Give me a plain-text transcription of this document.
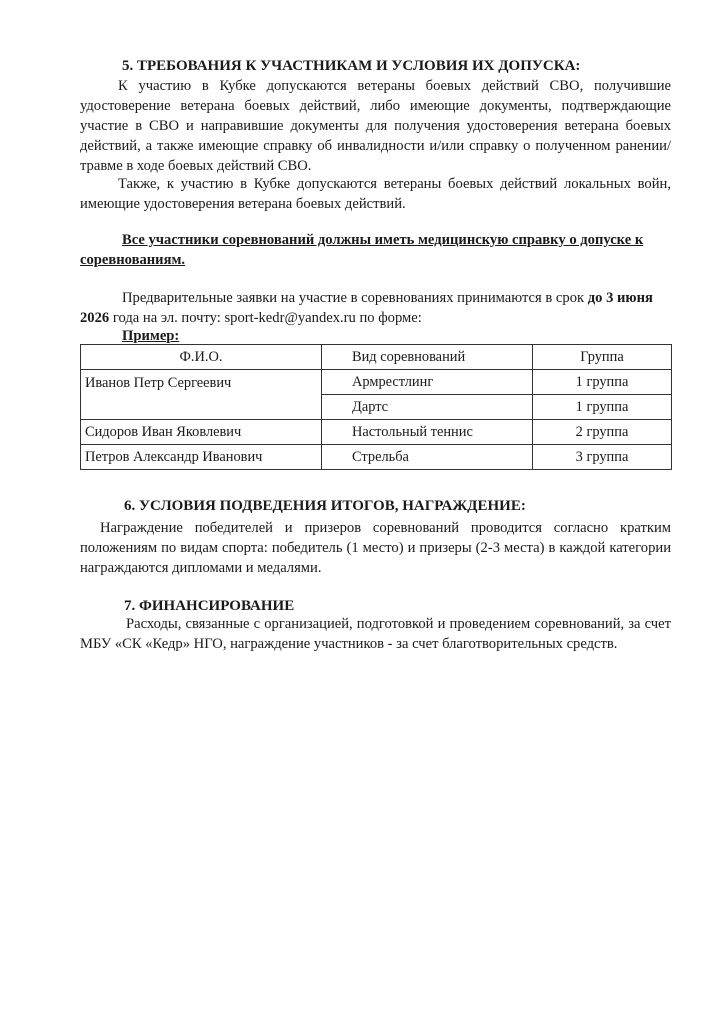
5. ТРЕБОВАНИЯ К УЧАСТНИКАМ И УСЛОВИЯ ИХ ДОПУСКА:
К участию в Кубке допускаются ветераны боевых действий СВО, получившие удостоверение ветерана боевых действий, либо имеющие документы, подтверждающие участие в СВО и направившие документы для получения удостоверения ветерана боевых действий, а также имеющие справку об инвалидности и/или справку о полученном ранении/травме в ходе боевых действий СВО.
Также, к участию в Кубке допускаются ветераны боевых действий локальных войн, имеющие удостоверения ветерана боевых действий.
Все участники соревнований должны иметь медицинскую справку о допуске к
соревнованиям.
Предварительные заявки на участие в соревнованиях принимаются в срок до 3 июня
2026 года на эл. почту: sport-kedr@yandex.ru по форме:
Пример:
Ф.И.О.	Вид соревнований	Группа
Иванов Петр Сергеевич	Армрестлинг	1 группа
	Дартс	1 группа
Сидоров Иван Яковлевич	Настольный теннис	2 группа
Петров Александр Иванович	Стрельба	3 группа
6. УСЛОВИЯ ПОДВЕДЕНИЯ ИТОГОВ, НАГРАЖДЕНИЕ:
Награждение победителей и призеров соревнований проводится согласно кратким положениям по видам спорта: победитель (1 место) и призеры (2-3 места) в каждой категории награждаются дипломами и медалями.
7. ФИНАНСИРОВАНИЕ
Расходы, связанные с организацией, подготовкой и проведением соревнований, за счет МБУ «СК «Кедр» НГО, награждение участников - за счет благотворительных средств.
